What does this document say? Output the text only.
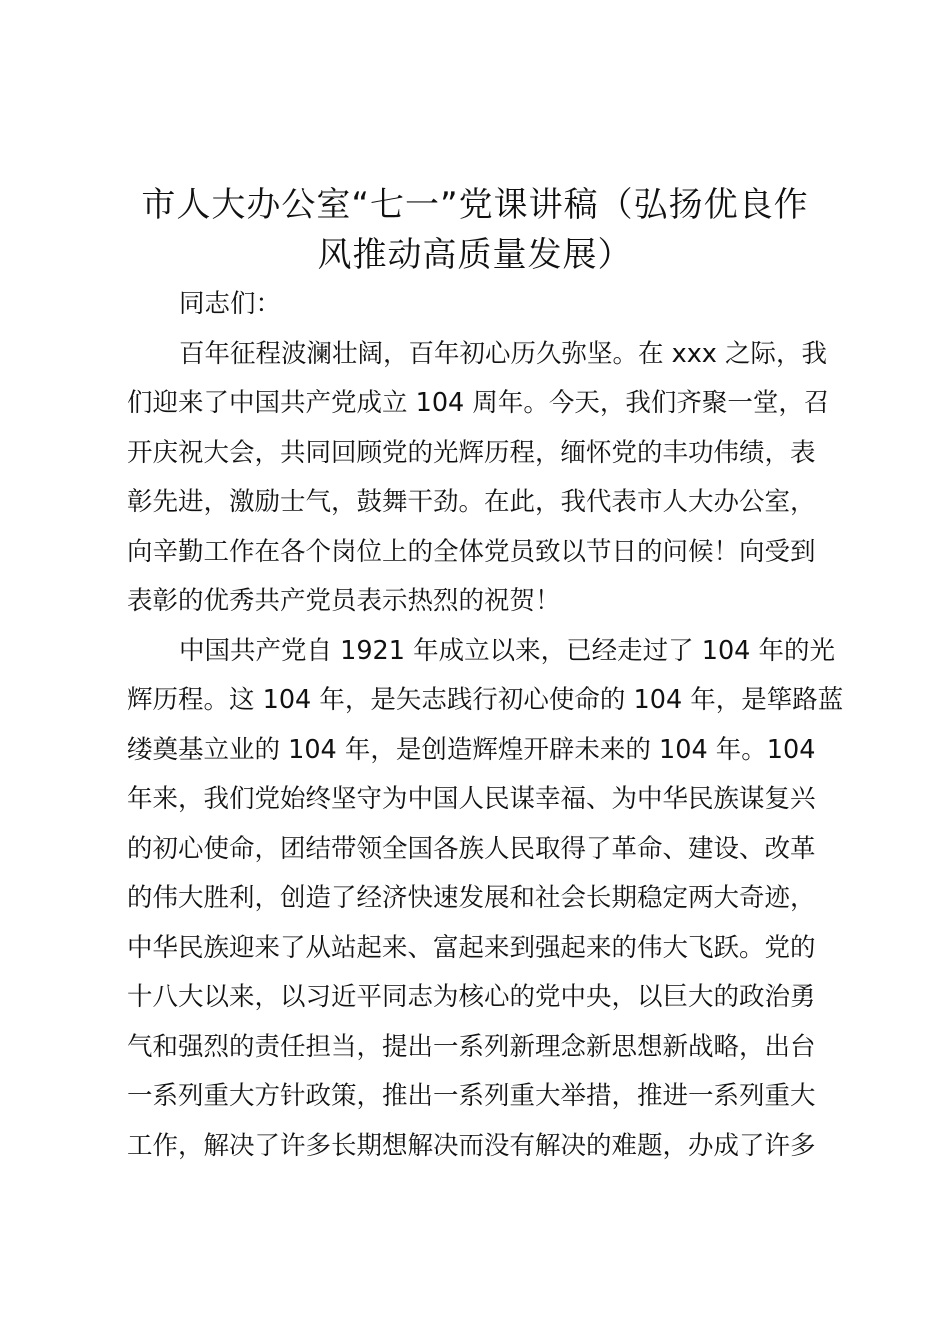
市人大办公室“七一”党课讲稿（弘扬优良作
风推动高质量发展）
同志们：
百年征程波澜壮阔，百年初心历久弥坚。在 xxx 之际，我
们迎来了中国共产党成立 104 周年。今天，我们齐聚一堂，召
开庆祝大会，共同回顾党的光辉历程，缅怀党的丰功伟绩，表
彰先进，激励士气，鼓舞干劲。在此，我代表市人大办公室，
向辛勤工作在各个岗位上的全体党员致以节日的问候！向受到
表彰的优秀共产党员表示热烈的祝贺！
中国共产党自 1921 年成立以来，已经走过了 104 年的光
辉历程。这 104 年，是矢志践行初心使命的 104 年，是筚路蓝
缕奠基立业的 104 年，是创造辉煌开辟未来的 104 年。104
年来，我们党始终坚守为中国人民谋幸福、为中华民族谋复兴
的初心使命，团结带领全国各族人民取得了革命、建设、改革
的伟大胜利，创造了经济快速发展和社会长期稳定两大奇迹，
中华民族迎来了从站起来、富起来到强起来的伟大飞跃。党的
十八大以来，以习近平同志为核心的党中央，以巨大的政治勇
气和强烈的责任担当，提出一系列新理念新思想新战略，出台
一系列重大方针政策，推出一系列重大举措，推进一系列重大
工作，解决了许多长期想解决而没有解决的难题，办成了许多
